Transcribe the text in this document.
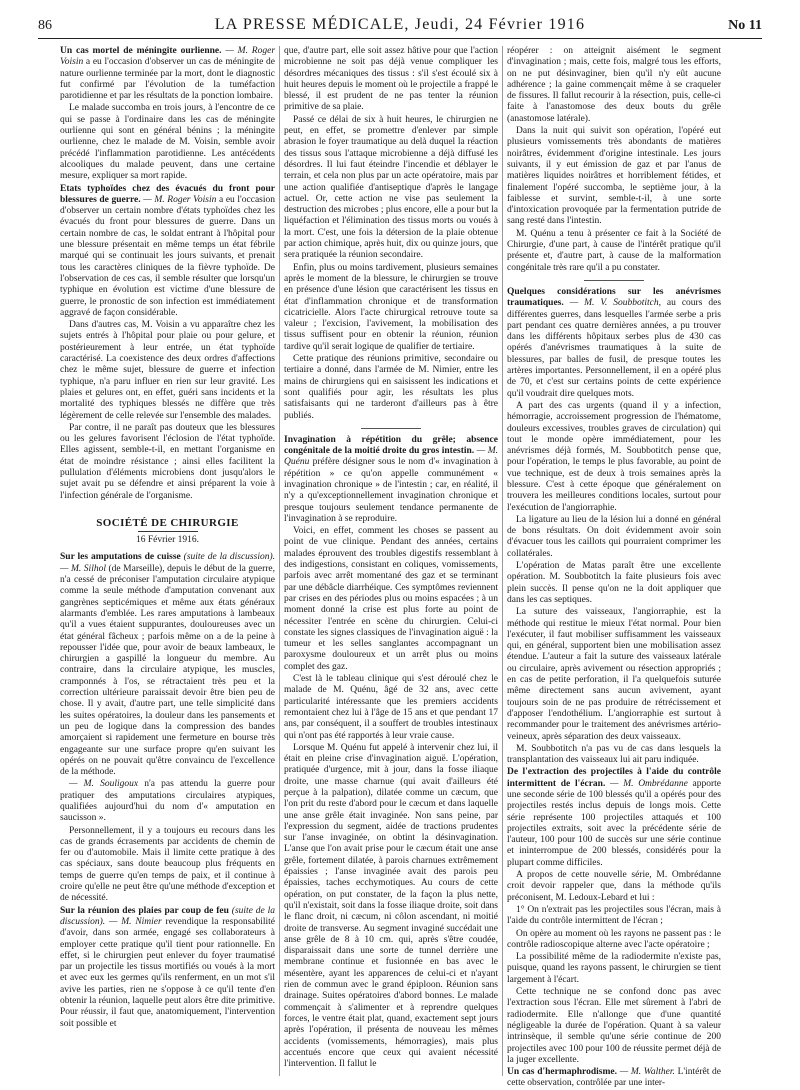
86	LA PRESSE MÉDICALE, Jeudi, 24 Février 1916	No 11

Un cas mortel de méningite ourlienne. — M. Roger Voisin a eu l'occasion d'observer un cas de méningite de nature ourlienne terminée par la mort, dont le diagnostic fut confirmé par l'évolution de la tuméfaction parotidienne et par les résultats de la ponction lombaire.

Le malade succomba en trois jours, à l'encontre de ce qui se passe à l'ordinaire dans les cas de méningite ourlienne qui sont en général bénins ; la méningite ourlienne, chez le malade de M. Voisin, semble avoir précédé l'inflammation parotidienne. Les antécédents alcooliques du malade peuvent, dans une certaine mesure, expliquer sa mort rapide.

Etats typhoïdes chez des évacués du front pour blessures de guerre. — M. Roger Voisin a eu l'occasion d'observer un certain nombre d'états typhoïdes chez les évacués du front pour blessures de guerre. Dans un certain nombre de cas, le soldat entrant à l'hôpital pour une blessure présentait en même temps un état fébrile marqué qui se continuait les jours suivants, et prenait tous les caractères cliniques de la fièvre typhoïde. De l'observation de ces cas, il semble résulter que lorsqu'un typhique en évolution est victime d'une blessure de guerre, le pronostic de son infection est immédiatement aggravé de façon considérable.

Dans d'autres cas, M. Voisin a vu apparaître chez les sujets entrés à l'hôpital pour plaie ou pour gelure, et postérieurement à leur entrée, un état typhoïde caractérisé. La coexistence des deux ordres d'affections chez le même sujet, blessure de guerre et infection typhique, n'a paru influer en rien sur leur gravité. Les plaies et gelures ont, en effet, guéri sans incidents et la mortalité des typhiques blessés ne diffère que très légèrement de celle relevée sur l'ensemble des malades.

Par contre, il ne paraît pas douteux que les blessures ou les gelures favorisent l'éclosion de l'état typhoïde. Elles agissent, semble-t-il, en mettant l'organisme en état de moindre résistance ; ainsi elles facilitent la pullulation d'éléments microbiens dont jusqu'alors le sujet avait pu se défendre et ainsi préparent la voie à l'infection générale de l'organisme.

SOCIÉTÉ DE CHIRURGIE
16 Février 1916.

Sur les amputations de cuisse (suite de la discussion). — M. Silhol (de Marseille), depuis le début de la guerre, n'a cessé de préconiser l'amputation circulaire atypique comme la seule méthode d'amputation convenant aux gangrènes septicémiques et même aux états généraux alarmants d'emblée. Les rares amputations à lambeaux qu'il a vues étaient suppurantes, douloureuses avec un état général fâcheux ; parfois même on a de la peine à repousser l'idée que, pour avoir de beaux lambeaux, le chirurgien a gaspillé la longueur du membre. Au contraire, dans la circulaire atypique, les muscles, cramponnés à l'os, se rétractaient très peu et la correction ultérieure paraissait devoir être bien peu de chose. Il y avait, d'autre part, une telle simplicité dans les suites opératoires, la douleur dans les pansements et un peu de logique dans la compression des bandes amorçaient si rapidement une fermeture en bourse très engageante sur une surface propre qu'en suivant les opérés on ne pouvait qu'être convaincu de l'excellence de la méthode.

— M. Souligoux n'a pas attendu la guerre pour pratiquer des amputations circulaires atypiques, qualifiées aujourd'hui du nom d'« amputation en saucisson ».

Personnellement, il y a toujours eu recours dans les cas de grands écrasements par accidents de chemin de fer ou d'automobile. Mais il limite cette pratique à des cas spéciaux, sans doute beaucoup plus fréquents en temps de guerre qu'en temps de paix, et il continue à croire qu'elle ne peut être qu'une méthode d'exception et de nécessité.

Sur la réunion des plaies par coup de feu (suite de la discussion). — M. Nimier revendique la responsabilité d'avoir, dans son armée, engagé ses collaborateurs à employer cette pratique qu'il tient pour rationnelle. En effet, si le chirurgien peut enlever du foyer traumatisé par un projectile les tissus mortifiés ou voués à la mort et avec eux les germes qu'ils renferment, en un mot s'il avive les parties, rien ne s'oppose à ce qu'il tente d'en obtenir la réunion, laquelle peut alors être dite primitive. Pour réussir, il faut que, anatomiquement, l'intervention soit possible et

que, d'autre part, elle soit assez hâtive pour que l'action microbienne ne soit pas déjà venue compliquer les désordres mécaniques des tissus : s'il s'est écoulé six à huit heures depuis le moment où le projectile a frappé le blessé, il est prudent de ne pas tenter la réunion primitive de sa plaie.

Passé ce délai de six à huit heures, le chirurgien ne peut, en effet, se promettre d'enlever par simple abrasion le foyer traumatique au delà duquel la réaction des tissus sous l'attaque microbienne a déjà diffusé les désordres. Il lui faut éteindre l'incendie et déblayer le terrain, et cela non plus par un acte opératoire, mais par une action qualifiée d'antiseptique d'après le langage actuel. Or, cette action ne vise pas seulement la destruction des microbes ; plus encore, elle a pour but la liquéfaction et l'élimination des tissus morts ou voués à la mort. C'est, une fois la détersion de la plaie obtenue par action chimique, après huit, dix ou quinze jours, que sera pratiquée la réunion secondaire.

Enfin, plus ou moins tardivement, plusieurs semaines après le moment de la blessure, le chirurgien se trouve en présence d'une lésion que caractérisent les tissus en état d'inflammation chronique et de transformation cicatricielle. Alors l'acte chirurgical retrouve toute sa valeur ; l'excision, l'avivement, la mobilisation des tissus suffisent pour en obtenir la réunion, réunion tardive qu'il serait logique de qualifier de tertiaire.

Cette pratique des réunions primitive, secondaire ou tertiaire a donné, dans l'armée de M. Nimier, entre les mains de chirurgiens qui en saisissent les indications et sont qualifiés pour agir, les résultats les plus satisfaisants qui ne tarderont d'ailleurs pas à être publiés.

Invagination à répétition du grêle; absence congénitale de la moitié droite du gros intestin. — M. Quénu préfère désigner sous le nom d'« invagination à répétition » ce qu'on appelle communément « invagination chronique » de l'intestin ; car, en réalité, il n'y a qu'exceptionnellement invagination chronique et presque toujours seulement tendance permanente de l'invagination à se reproduire.

Voici, en effet, comment les choses se passent au point de vue clinique. Pendant des années, certains malades éprouvent des troubles digestifs ressemblant à des indigestions, consistant en coliques, vomissements, parfois avec arrêt momentané des gaz et se terminant par une débâcle diarrhéique. Ces symptômes reviennent par crises en des périodes plus ou moins espacées ; à un moment donné la crise est plus forte au point de nécessiter l'entrée en scène du chirurgien. Celui-ci constate les signes classiques de l'invagination aiguë : la tumeur et les selles sanglantes accompagnant un paroxysme douloureux et un arrêt plus ou moins complet des gaz.

C'est là le tableau clinique qui s'est déroulé chez le malade de M. Quénu, âgé de 32 ans, avec cette particularité intéressante que les premiers accidents remontaient chez lui à l'âge de 15 ans et que pendant 17 ans, par conséquent, il a souffert de troubles intestinaux qui n'ont pas été rapportés à leur vraie cause.

Lorsque M. Quénu fut appelé à intervenir chez lui, il était en pleine crise d'invagination aiguë. L'opération, pratiquée d'urgence, mit à jour, dans la fosse iliaque droite, une masse charnue (qui avait d'ailleurs été perçue à la palpation), dilatée comme un cæcum, que l'on prit du reste d'abord pour le cæcum et dans laquelle une anse grêle était invaginée. Non sans peine, par l'expression du segment, aidée de tractions prudentes sur l'anse invaginée, on obtint la désinvagination. L'anse que l'on avait prise pour le cæcum était une anse grêle, fortement dilatée, à parois charnues extrêmement épaissies ; l'anse invaginée avait des parois peu épaissies, taches ecchymotiques. Au cours de cette opération, on put constater, de la façon la plus nette, qu'il n'existait, soit dans la fosse iliaque droite, soit dans le flanc droit, ni cæcum, ni côlon ascendant, ni moitié droite de transverse. Au segment invaginé succédait une anse grêle de 8 à 10 cm. qui, après s'être coudée, disparaissait dans une sorte de tunnel derrière une membrane continue et fusionnée en bas avec le mésentère, ayant les apparences de celui-ci et n'ayant rien de commun avec le grand épiploon. Réunion sans drainage. Suites opératoires d'abord bonnes. Le malade commençait à s'alimenter et à reprendre quelques forces, le ventre était plat, quand, exactement sept jours après l'opération, il présenta de nouveau les mêmes accidents (vomissements, hémorragies), mais plus accentués encore que ceux qui avaient nécessité l'intervention. Il fallut le

réopérer : on atteignit aisément le segment d'invagination ; mais, cette fois, malgré tous les efforts, on ne put désinvaginer, bien qu'il n'y eût aucune adhérence ; la gaine commençait même à se craqueler de fissures. Il fallut recourir à la résection, puis, celle-ci faite à l'anastomose des deux bouts du grêle (anastomose latérale).

Dans la nuit qui suivit son opération, l'opéré eut plusieurs vomissements très abondants de matières noirâtres, évidemment d'origine intestinale. Les jours suivants, il y eut émission de gaz et par l'anus de matières liquides noirâtres et horriblement fétides, et finalement l'opéré succomba, le septième jour, à la faiblesse et survint, semble-t-il, à une sorte d'intoxication provoquée par la fermentation putride de sang resté dans l'intestin.

M. Quénu a tenu à présenter ce fait à la Société de Chirurgie, d'une part, à cause de l'intérêt pratique qu'il présente et, d'autre part, à cause de la malformation congénitale très rare qu'il a pu constater.

Quelques considérations sur les anévrismes traumatiques. — M. V. Soubbotitch, au cours des différentes guerres, dans lesquelles l'armée serbe a pris part pendant ces quatre dernières années, a pu trouver dans les différents hôpitaux serbes plus de 430 cas opérés d'anévrismes traumatiques à la suite de blessures, par balles de fusil, de presque toutes les artères importantes. Personnellement, il en a opéré plus de 70, et c'est sur certains points de cette expérience qu'il voudrait dire quelques mots.

A part des cas urgents (quand il y a infection, hémorragie, accroissement progression de l'hématome, douleurs excessives, troubles graves de circulation) qui tout le monde opère immédiatement, pour les anévrismes déjà formés, M. Soubbotitch pense que, pour l'opération, le temps le plus favorable, au point de vue technique, est de deux à trois semaines après la blessure. C'est à cette époque que généralement on trouvera les meilleures conditions locales, surtout pour l'exécution de l'angiorraphie.

La ligature au lieu de la lésion lui a donné en général de bons résultats. On doit évidemment avoir soin d'évacuer tous les caillots qui pourraient comprimer les collatérales.

L'opération de Matas paraît être une excellente opération. M. Soubbotitch la faite plusieurs fois avec plein succès. Il pense qu'on ne la doit appliquer que dans les cas septiques.

La suture des vaisseaux, l'angiorraphie, est la méthode qui restitue le mieux l'état normal. Pour bien l'exécuter, il faut mobiliser suffisamment les vaisseaux qui, en général, supportent bien une mobilisation assez étendue. L'auteur a fait la suture des vaisseaux latérale ou circulaire, après avivement ou résection appropriés ; en cas de petite perforation, il l'a quelquefois suturée même directement sans aucun avivement, ayant toujours soin de ne pas produire de rétrécissement et d'apposer l'endothélium. L'angiorraphie est surtout à recommander pour le traitement des anévrismes artério-veineux, après séparation des deux vaisseaux.

M. Soubbotitch n'a pas vu de cas dans lesquels la transplantation des vaisseaux lui ait paru indiquée.

De l'extraction des projectiles à l'aide du contrôle intermittent de l'écran. — M. Ombrédanne apporte une seconde série de 100 blessés qu'il a opérés pour des projectiles restés inclus depuis de longs mois. Cette série représente 100 projectiles attaqués et 100 projectiles extraits, soit avec la précédente série de l'auteur, 100 pour 100 de succès sur une série continue et ininterrompue de 200 blessés, considérés pour la plupart comme difficiles.

A propos de cette nouvelle série, M. Ombrédanne croit devoir rappeler que, dans la méthode qu'ils préconisent, M. Ledoux-Lebard et lui :

1° On n'extrait pas les projectiles sous l'écran, mais à l'aide du contrôle intermittent de l'écran ;

On opère au moment où les rayons ne passent pas : le contrôle radioscopique alterne avec l'acte opératoire ;

La possibilité même de la radiodermite n'existe pas, puisque, quand les rayons passent, le chirurgien se tient largement à l'écart.

Cette technique ne se confond donc pas avec l'extraction sous l'écran. Elle met sûrement à l'abri de radiodermite. Elle n'allonge que d'une quantité négligeable la durée de l'opération. Quant à sa valeur intrinsèque, il semble qu'une série continue de 200 projectiles avec 100 pour 100 de réussite permet déjà de la juger excellente.

Un cas d'hermaphrodisme. — M. Walther. L'intérêt de cette observation, contrôlée par une inter-
